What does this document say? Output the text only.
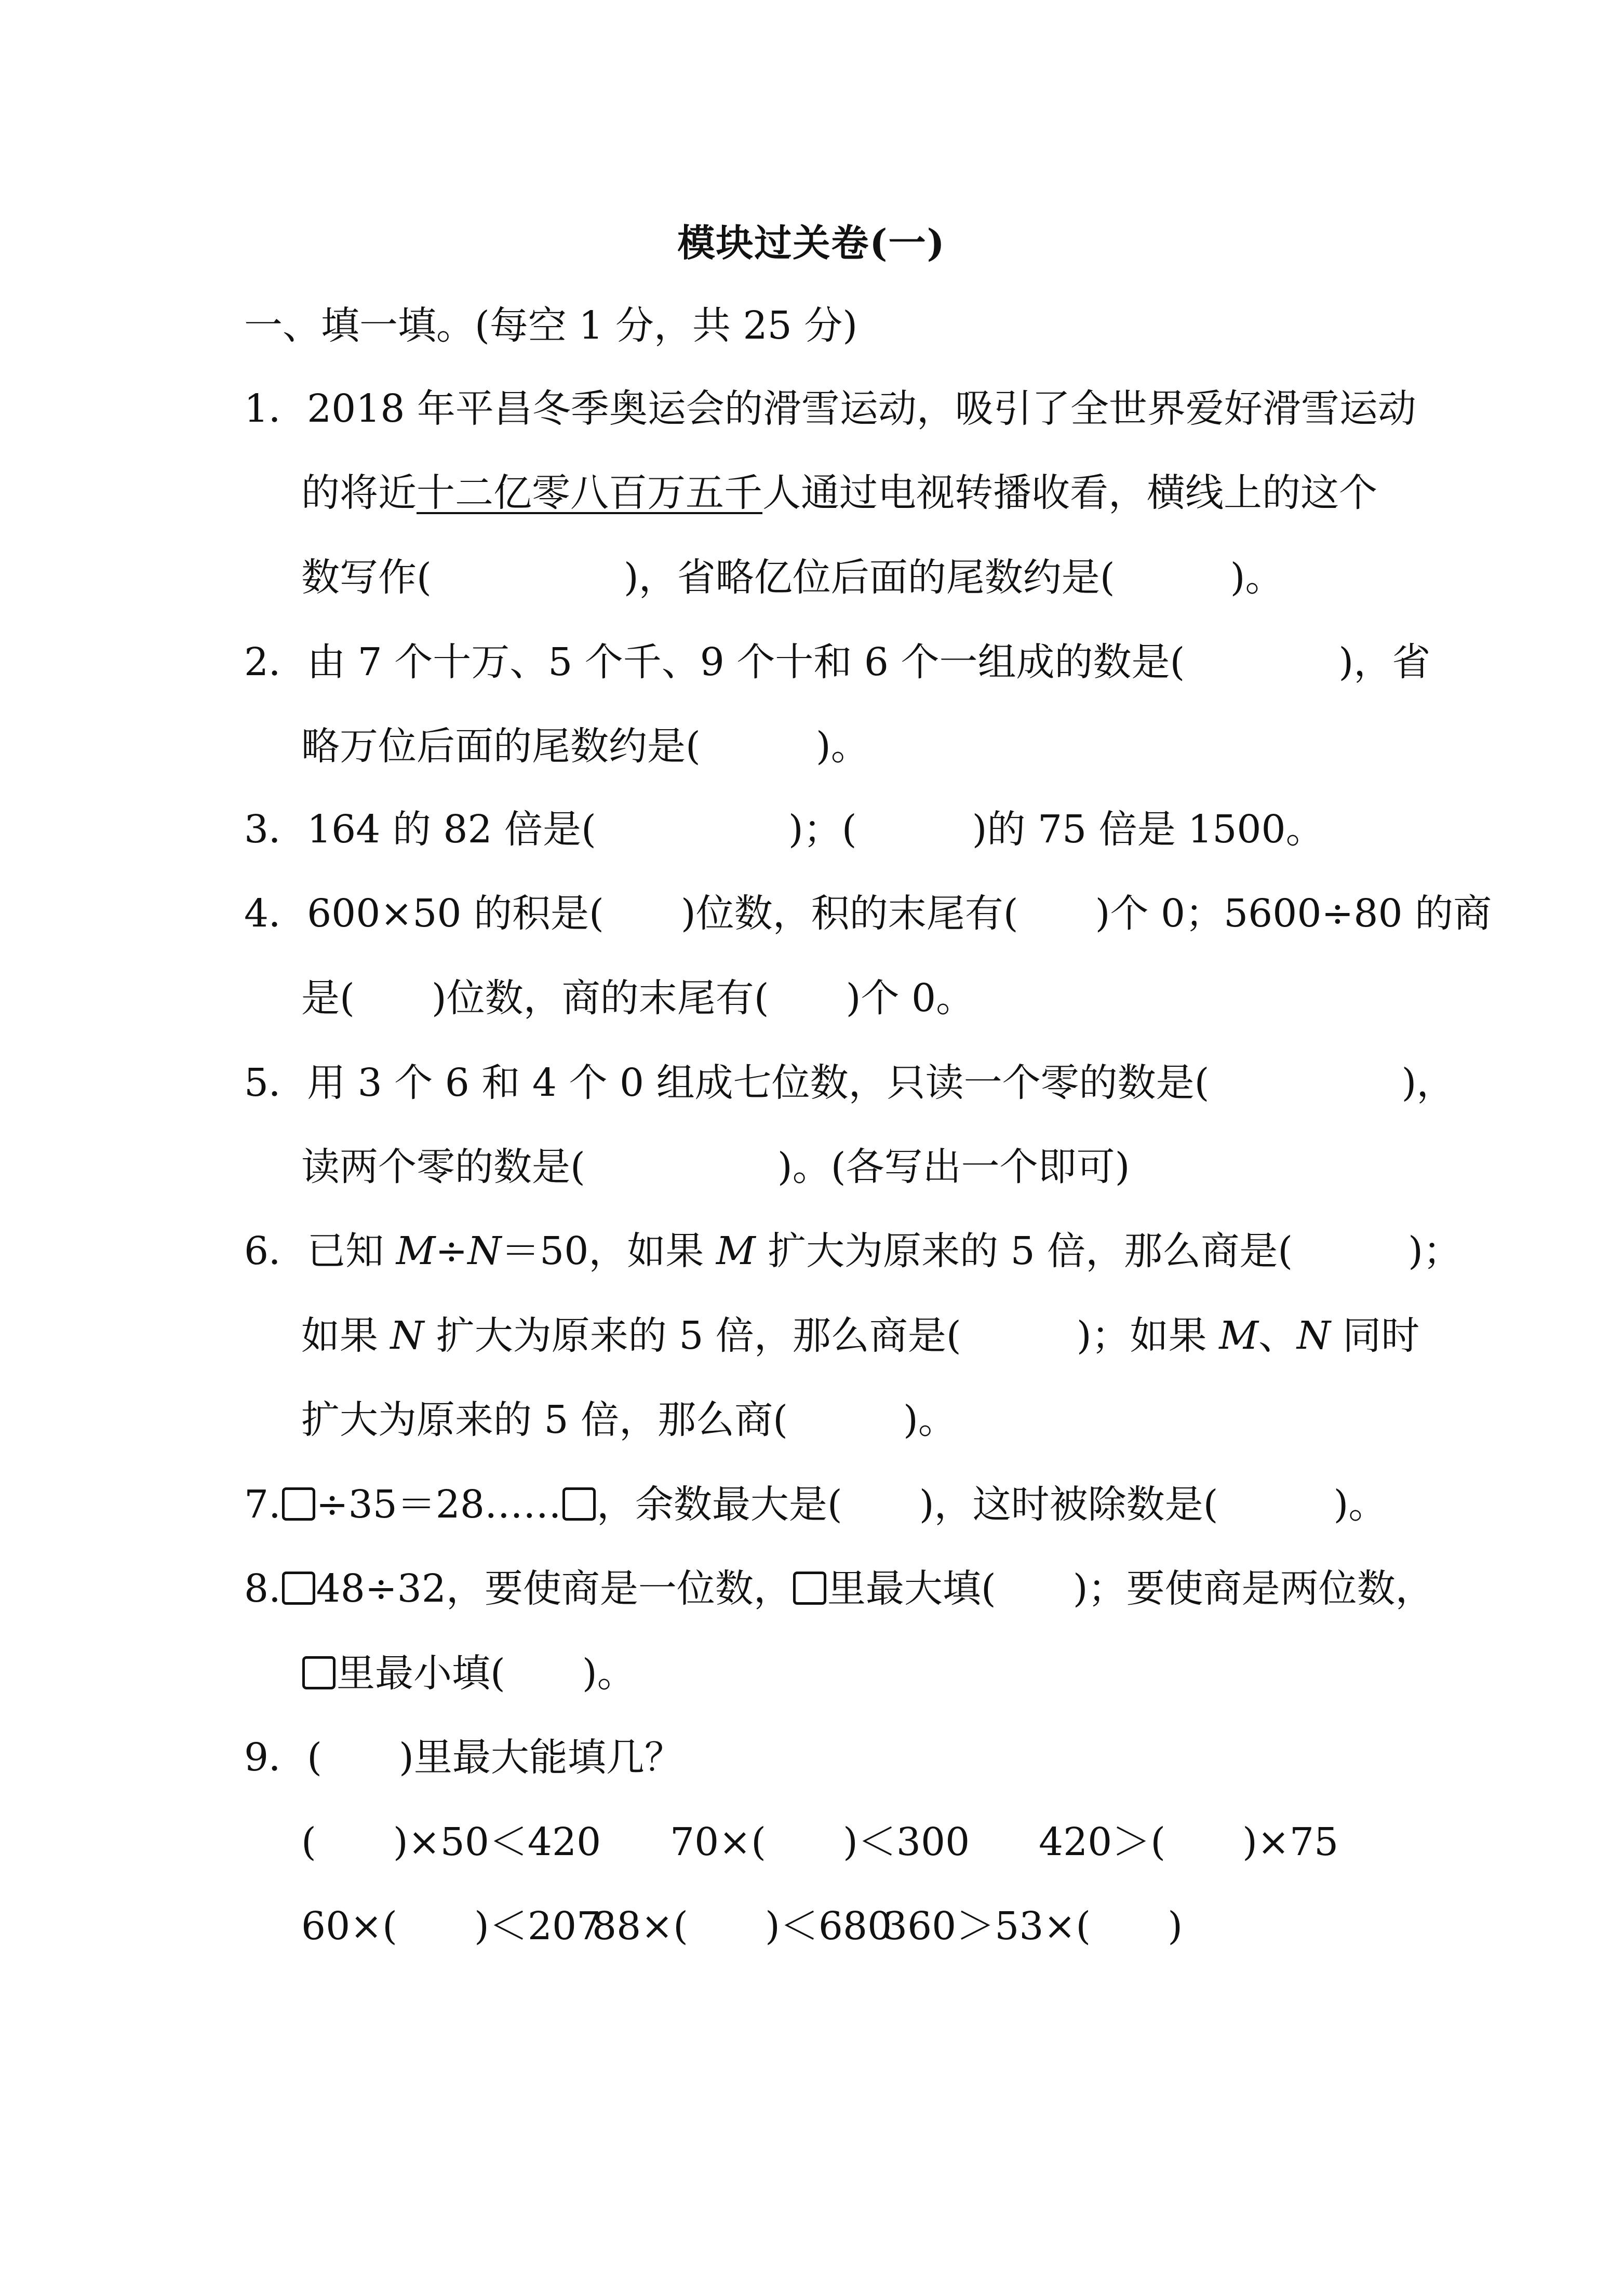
模块过关卷(一)
一、填一填。(每空 1 分，共 25 分)
1．2018 年平昌冬季奥运会的滑雪运动，吸引了全世界爱好滑雪运动
的将近十二亿零八百万五千人通过电视转播收看，横线上的这个
数写作(　　　　　)，省略亿位后面的尾数约是(　　　)。
2．由 7 个十万、5 个千、9 个十和 6 个一组成的数是(　　　　)，省
略万位后面的尾数约是(　　　)。
3．164 的 82 倍是(　　　　　)；(　　　)的 75 倍是 1500。
4．600×50 的积是(　　)位数，积的末尾有(　　)个 0；5600÷80 的商
是(　　)位数，商的末尾有(　　)个 0。
5．用 3 个 6 和 4 个 0 组成七位数，只读一个零的数是(　　　　　)，
读两个零的数是(　　　　　)。(各写出一个即可)
6．已知 M÷N＝50，如果 M 扩大为原来的 5 倍，那么商是(　　　)；
如果 N 扩大为原来的 5 倍，那么商是(　　　)；如果 M、N 同时
扩大为原来的 5 倍，那么商(　　　)。
7. ÷35＝28…… ，余数最大是(　　)，这时被除数是(　　　)。
8. 48÷32，要使商是一位数， 里最大填(　　)；要使商是两位数，
里最小填(　　)。
9．(　　)里最大能填几？
(　　)×50＜420 70×(　　)＜300 420＞(　　)×75
60×(　　)＜207
88×(　　)＜680
360＞53×(　　)
